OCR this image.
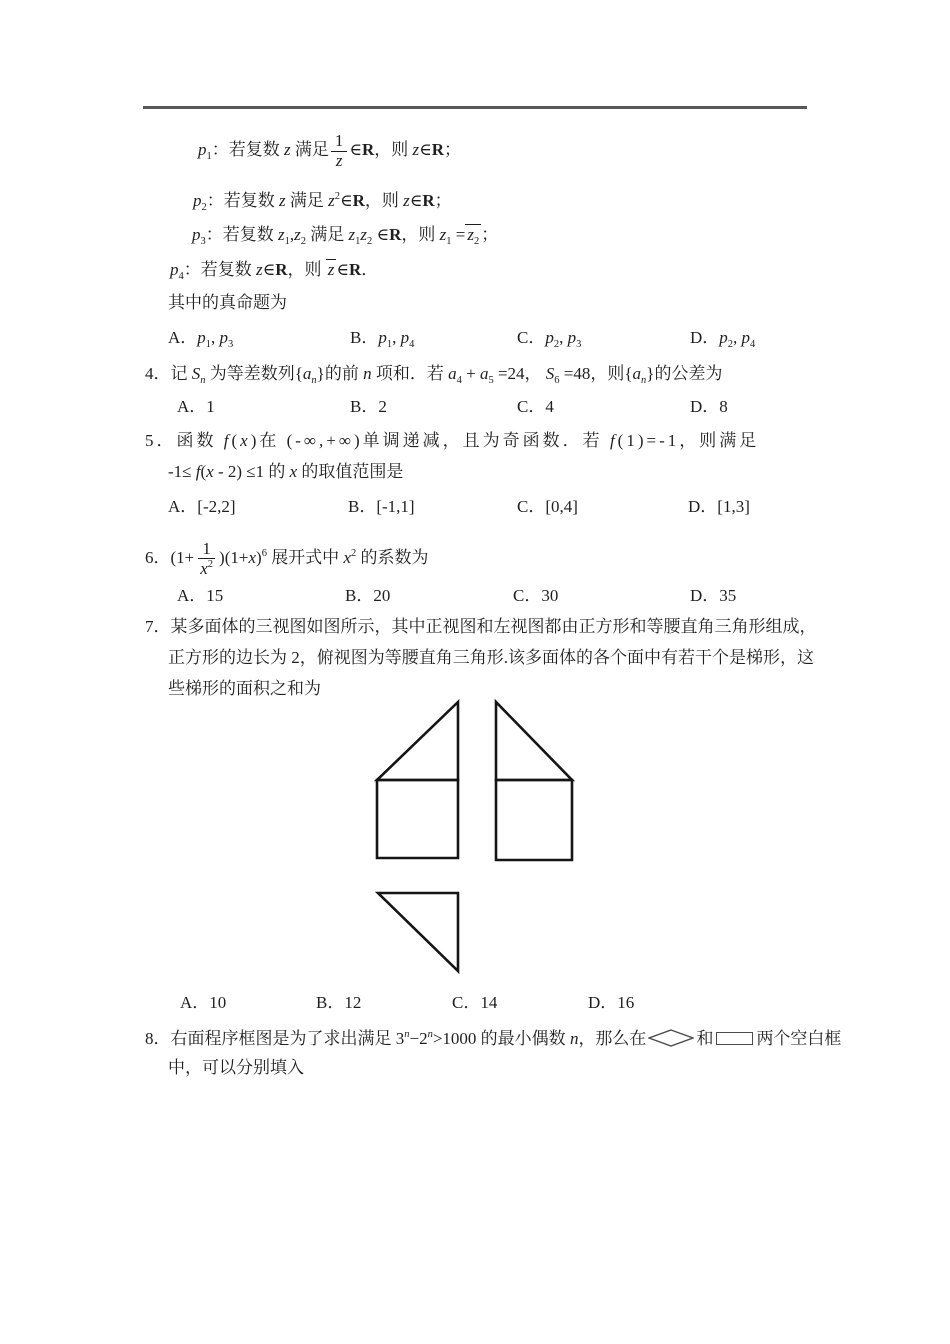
$p_1$：若复数 z 满足 $\frac{1}{z}$ ∈R，则 z∈R；
$p_2$：若复数 z 满足 $z^2\in R$，则 z∈R；
$p_3$：若复数 $z_1,z_2$ 满足 $z_1z_2$ ∈R，则 $z_1 = z_2$ ；
$p_4$：若复数 z∈R，则 z ∈R．
其中的真命题为
A．$p_1$, $p_3$	B．$p_1$, $p_4$	C．$p_2$, $p_3$	D．$p_2$, $p_4$
4．记 $S_n$ 为等差数列$\{a_n\}$的前 n 项和．若 $a_4 + a_5 =24$， $S_6 =48$，则$\{a_n\}$的公差为
A．1	B．2	C．4	D．8
5．函数 f(x)在 (-∞,+∞)单调递减，且为奇函数．若 f(1)=-1，则满足
-1≤ f(x - 2) ≤1 的 x 的取值范围是
A．[-2,2]	B．[-1,1]	C．[0,4]	D．[1,3]
6．$(1+ \frac{1}{x^2} )(1+x)^6$ 展开式中 $x^2$ 的系数为
A．15	B．20	C．30	D．35
7．某多面体的三视图如图所示，其中正视图和左视图都由正方形和等腰直角三角形组成，
正方形的边长为 2，俯视图为等腰直角三角形.该多面体的各个面中有若干个是梯形，这
些梯形的面积之和为
A．10	B．12	C．14	D．16
8．右面程序框图是为了求出满足 $3^n-2^n>1000$ 的最小偶数 n，那么在	和	两个空白框
中，可以分别填入
